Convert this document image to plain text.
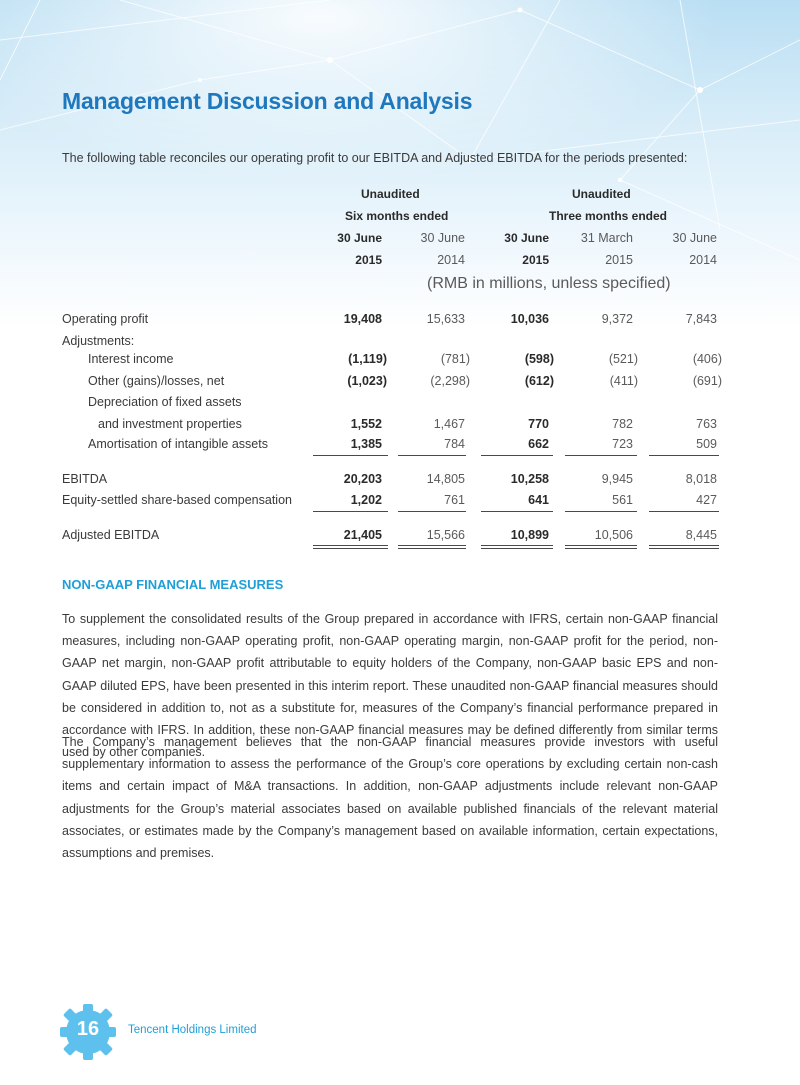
Management Discussion and Analysis

The following table reconciles our operating profit to our EBITDA and Adjusted EBITDA for the periods presented:

Unaudited	Unaudited
Six months ended	Three months ended
30 June	30 June	30 June	31 March	30 June
2015	2014	2015	2015	2014
(RMB in millions, unless specified)
Operating profit	19,408	15,633	10,036	9,372	7,843
Adjustments:
Interest income	(1,119)	(781)	(598)	(521)	(406)
Other (gains)/losses, net	(1,023)	(2,298)	(612)	(411)	(691)
Depreciation of fixed assets
and investment properties	1,552	1,467	770	782	763
Amortisation of intangible assets	1,385	784	662	723	509
EBITDA	20,203	14,805	10,258	9,945	8,018
Equity-settled share-based compensation	1,202	761	641	561	427
Adjusted EBITDA	21,405	15,566	10,899	10,506	8,445
NON-GAAP FINANCIAL MEASURES

To supplement the consolidated results of the Group prepared in accordance with IFRS, certain non-GAAP financial measures, including non-GAAP operating profit, non-GAAP operating margin, non-GAAP profit for the period, non-GAAP net margin, non-GAAP profit attributable to equity holders of the Company, non-GAAP basic EPS and non-GAAP diluted EPS, have been presented in this interim report. These unaudited non-GAAP financial measures should be considered in addition to, not as a substitute for, measures of the Company’s financial performance prepared in accordance with IFRS. In addition, these non-GAAP financial measures may be defined differently from similar terms used by other companies.

The Company’s management believes that the non-GAAP financial measures provide investors with useful supplementary information to assess the performance of the Group’s core operations by excluding certain non-cash items and certain impact of M&A transactions. In addition, non-GAAP adjustments include relevant non-GAAP adjustments for the Group’s material associates based on available published financials of the relevant material associates, or estimates made by the Company’s management based on available information, certain expectations, assumptions and premises.

16	Tencent Holdings Limited
